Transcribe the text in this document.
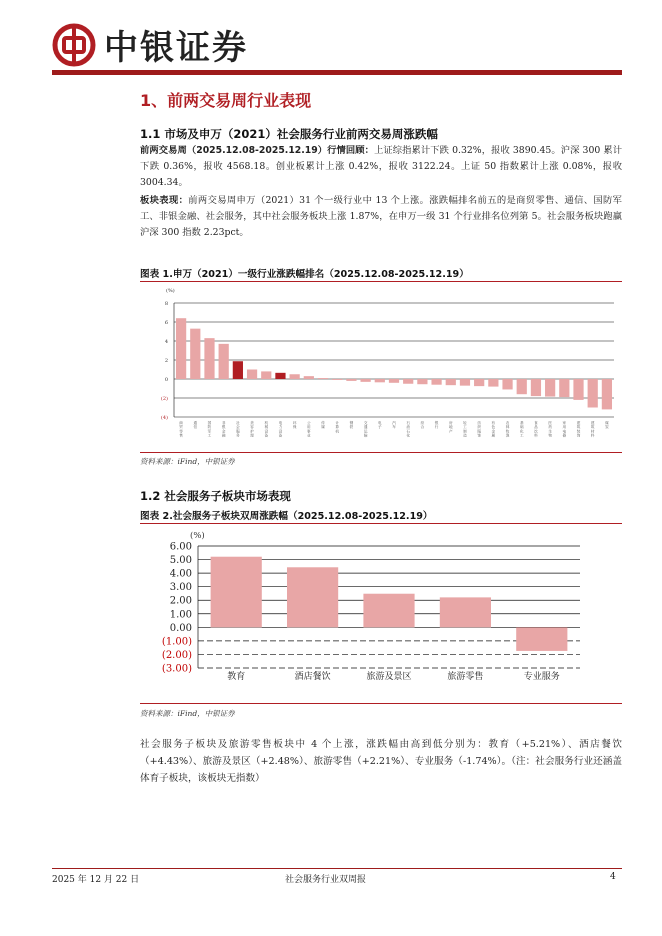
中银证券
1、前两交易周行业表现
1.1 市场及申万（2021）社会服务行业前两交易周涨跌幅
前两交易周（2025.12.08-2025.12.19）行情回顾：上证综指累计下跌 0.32%，报收 3890.45。沪深 300 累计下跌 0.36%，报收 4568.18。创业板累计上涨 0.42%，报收 3122.24。上证 50 指数累计上涨 0.08%，报收 3004.34。
板块表现：前两交易周申万（2021）31 个一级行业中 13 个上涨。涨跌幅排名前五的是商贸零售、通信、国防军工、非银金融、社会服务，其中社会服务板块上涨 1.87%，在申万一级 31 个行业排名位列第 5。社会服务板块跑赢沪深 300 指数 2.23pct。
图表 1.申万（2021）一级行业涨跌幅排名（2025.12.08-2025.12.19）
(%)
8
6
4
2
0
(2)
(4)
商贸零售
通信
国防军工
非银金融
社会服务
美容护理
机械设备
电力设备
环保
公用事业
传媒
计算机
钢铁
交通运输
电子
汽车
石油石化
综合
银行
房地产
轻工制造
纺织服饰
有色金属
农林牧渔
基础化工
食品饮料
医药生物
家用电器
建筑装饰
建筑材料
煤炭
资料来源：iFind，中银证券
1.2 社会服务子板块市场表现
图表 2.社会服务子板块双周涨跌幅（2025.12.08-2025.12.19）
(%)
6.00
5.00
4.00
3.00
2.00
1.00
0.00
(1.00)
(2.00)
(3.00)
教育	酒店餐饮	旅游及景区	旅游零售	专业服务
资料来源：iFind，中银证券
社会服务子板块及旅游零售板块中 4 个上涨，涨跌幅由高到低分别为：教育（+5.21%）、酒店餐饮（+4.43%）、旅游及景区（+2.48%）、旅游零售（+2.21%）、专业服务（-1.74%）。（注：社会服务行业还涵盖体育子板块，该板块无指数）
2025 年 12 月 22 日	社会服务行业双周报	4
